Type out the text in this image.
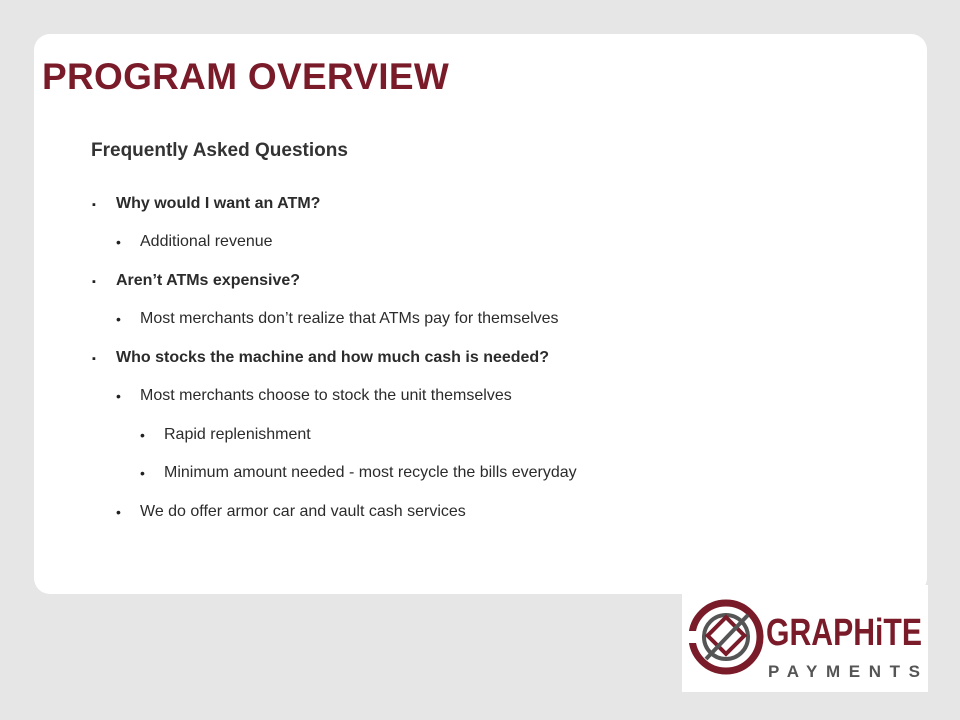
PROGRAM OVERVIEW
Frequently Asked Questions

▪ Why would I want an ATM?

• Additional revenue

▪ Aren’t ATMs expensive?

• Most merchants don’t realize that ATMs pay for themselves

▪ Who stocks the machine and how much cash is needed?

• Most merchants choose to stock the unit themselves

• Rapid replenishment

• Minimum amount needed - most recycle the bills everyday

• We do offer armor car and vault cash services

GRAPHiTE
PAYMENTS
